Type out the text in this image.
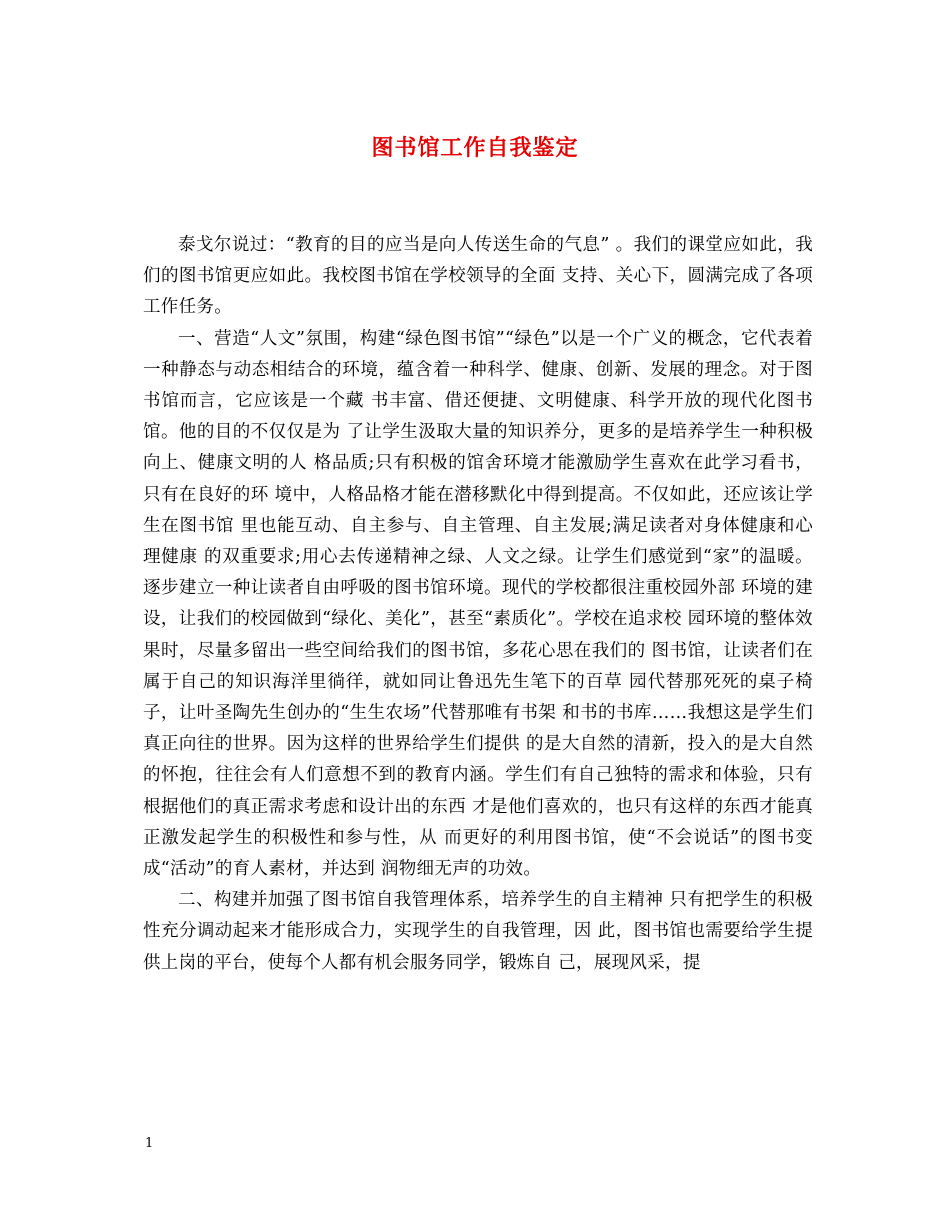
图书馆工作自我鉴定

泰戈尔说过：“教育的目的应当是向人传送生命的气息” 。我们的课堂应如此，我们的图书馆更应如此。我校图书馆在学校领导的全面 支持、关心下，圆满完成了各项工作任务。

一、营造“人文”氛围，构建“绿色图书馆”“绿色”以是一个广义的概念，它代表着一种静态与动态相结合的环境，蕴含着一种科学、健康、创新、发展的理念。对于图书馆而言，它应该是一个藏 书丰富、借还便捷、文明健康、科学开放的现代化图书馆。他的目的不仅仅是为 了让学生汲取大量的知识养分，更多的是培养学生一种积极向上、健康文明的人 格品质;只有积极的馆舍环境才能激励学生喜欢在此学习看书，只有在良好的环 境中，人格品格才能在潜移默化中得到提高。不仅如此，还应该让学生在图书馆 里也能互动、自主参与、自主管理、自主发展;满足读者对身体健康和心理健康 的双重要求;用心去传递精神之绿、人文之绿。让学生们感觉到“家”的温暖。逐步建立一种让读者自由呼吸的图书馆环境。现代的学校都很注重校园外部 环境的建设，让我们的校园做到“绿化、美化”，甚至“素质化”。学校在追求校 园环境的整体效果时，尽量多留出一些空间给我们的图书馆，多花心思在我们的 图书馆，让读者们在属于自己的知识海洋里徜徉，就如同让鲁迅先生笔下的百草 园代替那死死的桌子椅子，让叶圣陶先生创办的“生生农场”代替那唯有书架 和书的书库……我想这是学生们真正向往的世界。因为这样的世界给学生们提供 的是大自然的清新，投入的是大自然的怀抱，往往会有人们意想不到的教育内涵。学生们有自己独特的需求和体验，只有根据他们的真正需求考虑和设计出的东西 才是他们喜欢的，也只有这样的东西才能真正激发起学生的积极性和参与性，从 而更好的利用图书馆，使“不会说话”的图书变成“活动”的育人素材，并达到 润物细无声的功效。

二、构建并加强了图书馆自我管理体系，培养学生的自主精神 只有把学生的积极性充分调动起来才能形成合力，实现学生的自我管理，因 此，图书馆也需要给学生提供上岗的平台，使每个人都有机会服务同学，锻炼自 己，展现风采，提

1
